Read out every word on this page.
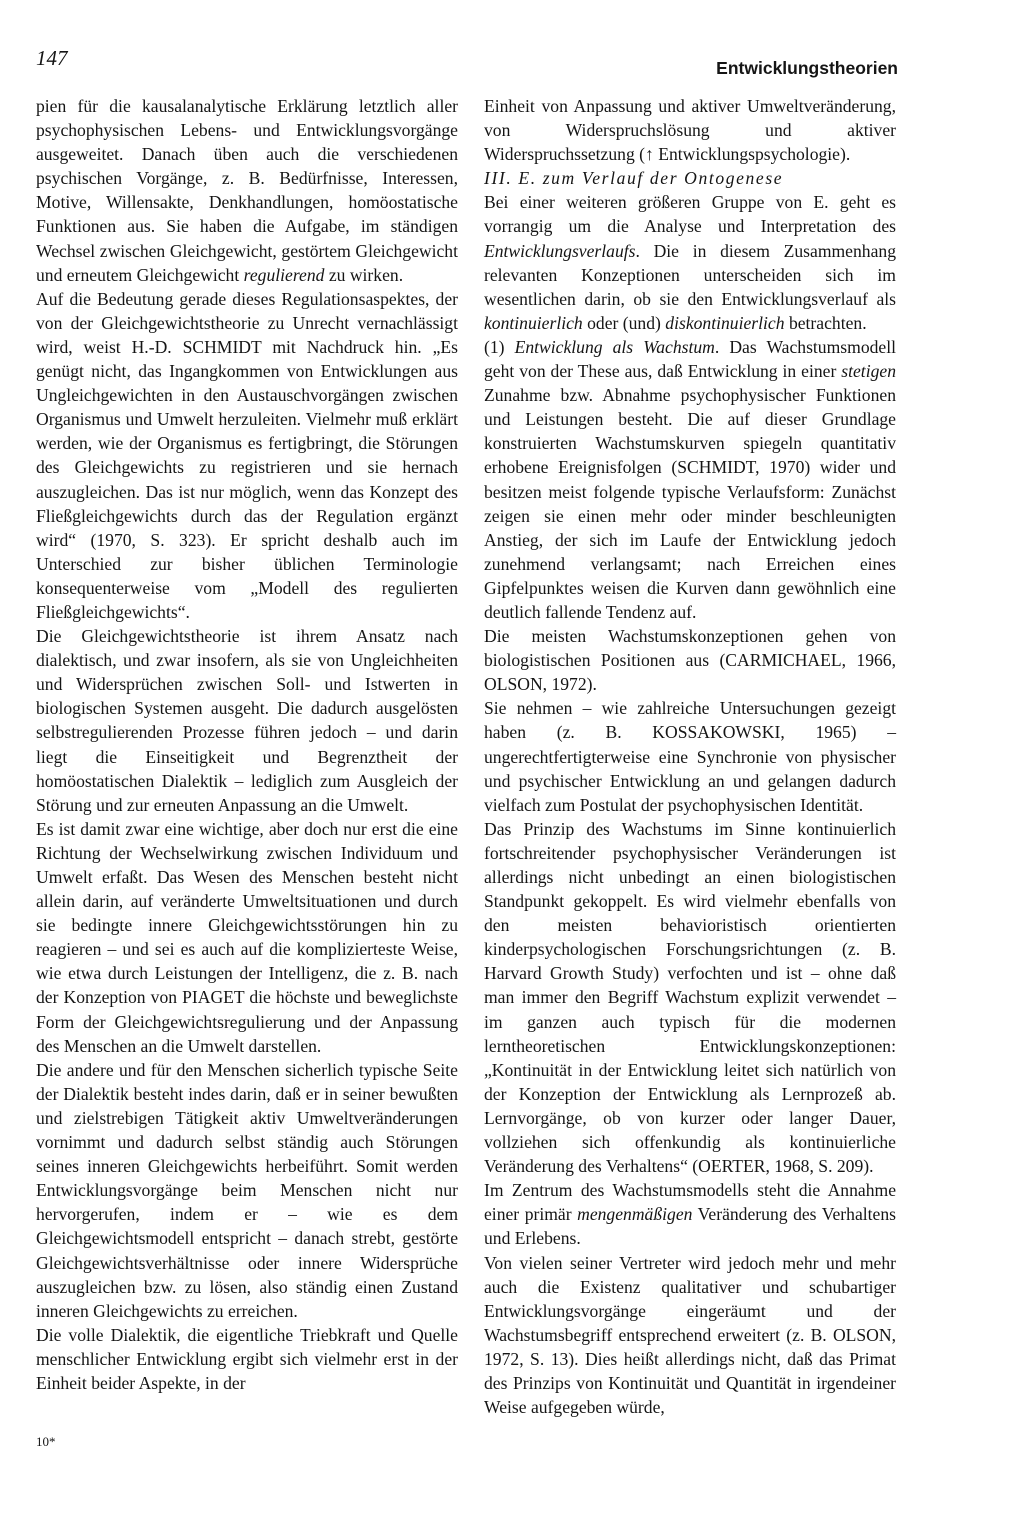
147	Entwicklungstheorien

pien für die kausalanalytische Erklärung letztlich aller psychophysischen Lebens- und Entwicklungsvorgänge ausgeweitet. Danach üben auch die verschiedenen psychischen Vorgänge, z. B. Bedürfnisse, Interessen, Motive, Willensakte, Denkhandlungen, homöostatische Funktionen aus. Sie haben die Aufgabe, im ständigen Wechsel zwischen Gleichgewicht, gestörtem Gleichgewicht und erneutem Gleichgewicht regulierend zu wirken.

Auf die Bedeutung gerade dieses Regulationsaspektes, der von der Gleichgewichtstheorie zu Unrecht vernachlässigt wird, weist H.-D. SCHMIDT mit Nachdruck hin. „Es genügt nicht, das Ingangkommen von Entwicklungen aus Ungleichgewichten in den Austauschvorgängen zwischen Organismus und Umwelt herzuleiten. Vielmehr muß erklärt werden, wie der Organismus es fertigbringt, die Störungen des Gleichgewichts zu registrieren und sie hernach auszugleichen. Das ist nur möglich, wenn das Konzept des Fließgleichgewichts durch das der Regulation ergänzt wird“ (1970, S. 323). Er spricht deshalb auch im Unterschied zur bisher üblichen Terminologie konsequenterweise vom „Modell des regulierten Fließgleichgewichts“.

Die Gleichgewichtstheorie ist ihrem Ansatz nach dialektisch, und zwar insofern, als sie von Ungleichheiten und Widersprüchen zwischen Soll- und Istwerten in biologischen Systemen ausgeht. Die dadurch ausgelösten selbstregulierenden Prozesse führen jedoch – und darin liegt die Einseitigkeit und Begrenztheit der homöostatischen Dialektik – lediglich zum Ausgleich der Störung und zur erneuten Anpassung an die Umwelt.

Es ist damit zwar eine wichtige, aber doch nur erst die eine Richtung der Wechselwirkung zwischen Individuum und Umwelt erfaßt. Das Wesen des Menschen besteht nicht allein darin, auf veränderte Umweltsituationen und durch sie bedingte innere Gleichgewichtsstörungen hin zu reagieren – und sei es auch auf die komplizierteste Weise, wie etwa durch Leistungen der Intelligenz, die z. B. nach der Konzeption von PIAGET die höchste und beweglichste Form der Gleichgewichtsregulierung und der Anpassung des Menschen an die Umwelt darstellen.

Die andere und für den Menschen sicherlich typische Seite der Dialektik besteht indes darin, daß er in seiner bewußten und zielstrebigen Tätigkeit aktiv Umweltveränderungen vornimmt und dadurch selbst ständig auch Störungen seines inneren Gleichgewichts herbeiführt. Somit werden Entwicklungsvorgänge beim Menschen nicht nur hervorgerufen, indem er – wie es dem Gleichgewichtsmodell entspricht – danach strebt, gestörte Gleichgewichtsverhältnisse oder innere Widersprüche auszugleichen bzw. zu lösen, also ständig einen Zustand inneren Gleichgewichts zu erreichen.

Die volle Dialektik, die eigentliche Triebkraft und Quelle menschlicher Entwicklung ergibt sich vielmehr erst in der Einheit beider Aspekte, in der

Einheit von Anpassung und aktiver Umweltveränderung, von Widerspruchslösung und aktiver Widerspruchssetzung (↑ Entwicklungspsychologie).

III. E. zum Verlauf der Ontogenese

Bei einer weiteren größeren Gruppe von E. geht es vorrangig um die Analyse und Interpretation des Entwicklungsverlaufs. Die in diesem Zusammenhang relevanten Konzeptionen unterscheiden sich im wesentlichen darin, ob sie den Entwicklungsverlauf als kontinuierlich oder (und) diskontinuierlich betrachten.

(1) Entwicklung als Wachstum. Das Wachstumsmodell geht von der These aus, daß Entwicklung in einer stetigen Zunahme bzw. Abnahme psychophysischer Funktionen und Leistungen besteht. Die auf dieser Grundlage konstruierten Wachstumskurven spiegeln quantitativ erhobene Ereignisfolgen (SCHMIDT, 1970) wider und besitzen meist folgende typische Verlaufsform: Zunächst zeigen sie einen mehr oder minder beschleunigten Anstieg, der sich im Laufe der Entwicklung jedoch zunehmend verlangsamt; nach Erreichen eines Gipfelpunktes weisen die Kurven dann gewöhnlich eine deutlich fallende Tendenz auf.

Die meisten Wachstumskonzeptionen gehen von biologistischen Positionen aus (CARMICHAEL, 1966, OLSON, 1972).

Sie nehmen – wie zahlreiche Untersuchungen gezeigt haben (z. B. KOSSAKOWSKI, 1965) – ungerechtfertigterweise eine Synchronie von physischer und psychischer Entwicklung an und gelangen dadurch vielfach zum Postulat der psychophysischen Identität.

Das Prinzip des Wachstums im Sinne kontinuierlich fortschreitender psychophysischer Veränderungen ist allerdings nicht unbedingt an einen biologistischen Standpunkt gekoppelt. Es wird vielmehr ebenfalls von den meisten behavioristisch orientierten kinderpsychologischen Forschungsrichtungen (z. B. Harvard Growth Study) verfochten und ist – ohne daß man immer den Begriff Wachstum explizit verwendet – im ganzen auch typisch für die modernen lerntheoretischen Entwicklungskonzeptionen: „Kontinuität in der Entwicklung leitet sich natürlich von der Konzeption der Entwicklung als Lernprozeß ab. Lernvorgänge, ob von kurzer oder langer Dauer, vollziehen sich offenkundig als kontinuierliche Veränderung des Verhaltens“ (OERTER, 1968, S. 209).

Im Zentrum des Wachstumsmodells steht die Annahme einer primär mengenmäßigen Veränderung des Verhaltens und Erlebens.

Von vielen seiner Vertreter wird jedoch mehr und mehr auch die Existenz qualitativer und schubartiger Entwicklungsvorgänge eingeräumt und der Wachstumsbegriff entsprechend erweitert (z. B. OLSON, 1972, S. 13). Dies heißt allerdings nicht, daß das Primat des Prinzips von Kontinuität und Quantität in irgendeiner Weise aufgegeben würde,

10*
